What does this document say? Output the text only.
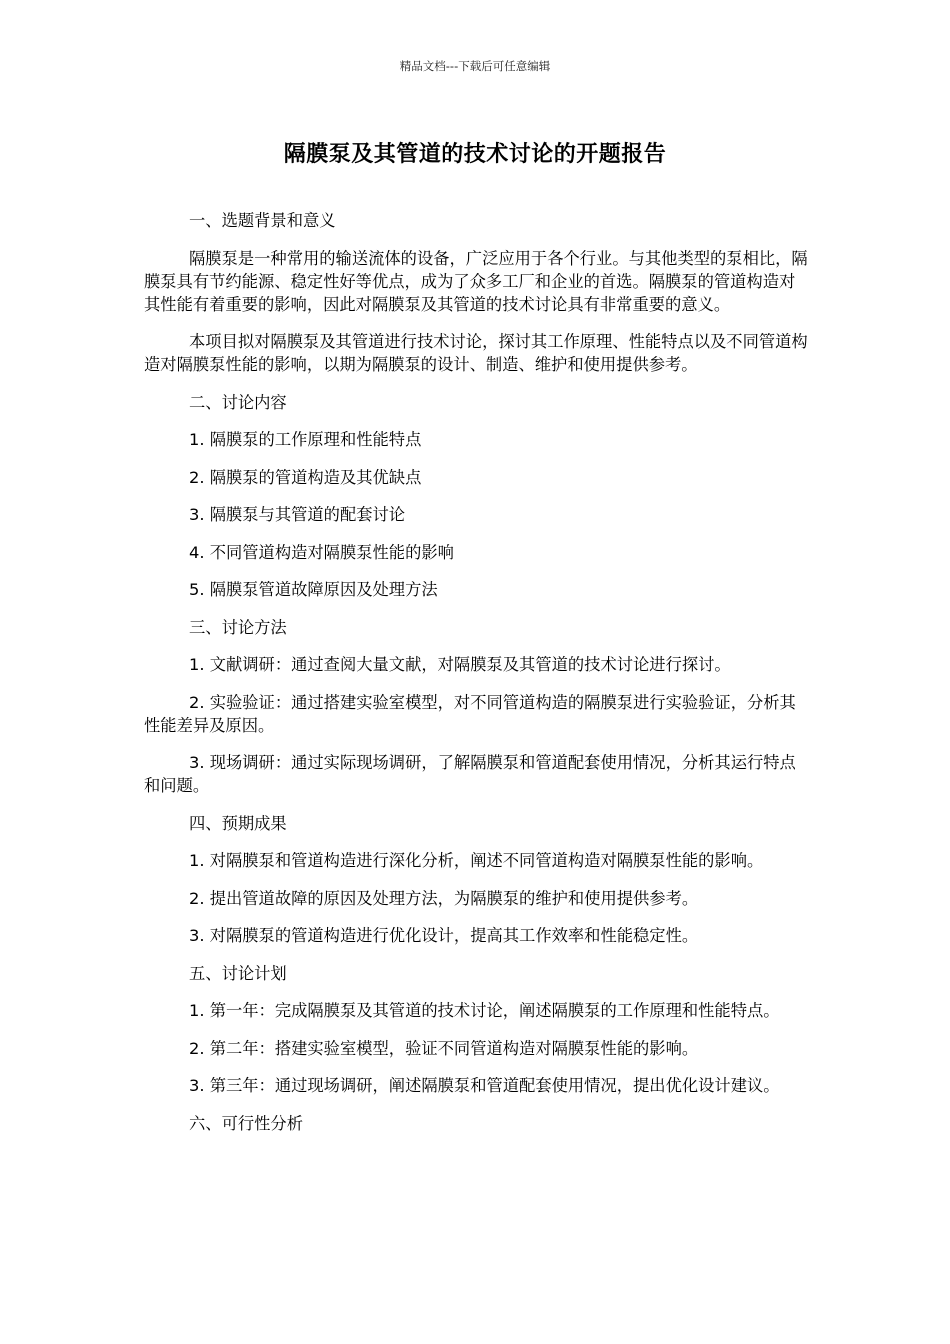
精品文档---下载后可任意编辑
隔膜泵及其管道的技术讨论的开题报告

一、选题背景和意义

隔膜泵是一种常用的输送流体的设备，广泛应用于各个行业。与其他类型的泵相比，隔膜泵具有节约能源、稳定性好等优点，成为了众多工厂和企业的首选。隔膜泵的管道构造对其性能有着重要的影响，因此对隔膜泵及其管道的技术讨论具有非常重要的意义。

本项目拟对隔膜泵及其管道进行技术讨论，探讨其工作原理、性能特点以及不同管道构造对隔膜泵性能的影响，以期为隔膜泵的设计、制造、维护和使用提供参考。

二、讨论内容

1. 隔膜泵的工作原理和性能特点

2. 隔膜泵的管道构造及其优缺点

3. 隔膜泵与其管道的配套讨论

4. 不同管道构造对隔膜泵性能的影响

5. 隔膜泵管道故障原因及处理方法

三、讨论方法

1. 文献调研：通过查阅大量文献，对隔膜泵及其管道的技术讨论进行探讨。

2. 实验验证：通过搭建实验室模型，对不同管道构造的隔膜泵进行实验验证，分析其性能差异及原因。

3. 现场调研：通过实际现场调研，了解隔膜泵和管道配套使用情况，分析其运行特点和问题。

四、预期成果

1. 对隔膜泵和管道构造进行深化分析，阐述不同管道构造对隔膜泵性能的影响。

2. 提出管道故障的原因及处理方法，为隔膜泵的维护和使用提供参考。

3. 对隔膜泵的管道构造进行优化设计，提高其工作效率和性能稳定性。

五、讨论计划

1. 第一年：完成隔膜泵及其管道的技术讨论，阐述隔膜泵的工作原理和性能特点。

2. 第二年：搭建实验室模型，验证不同管道构造对隔膜泵性能的影响。

3. 第三年：通过现场调研，阐述隔膜泵和管道配套使用情况，提出优化设计建议。

六、可行性分析
